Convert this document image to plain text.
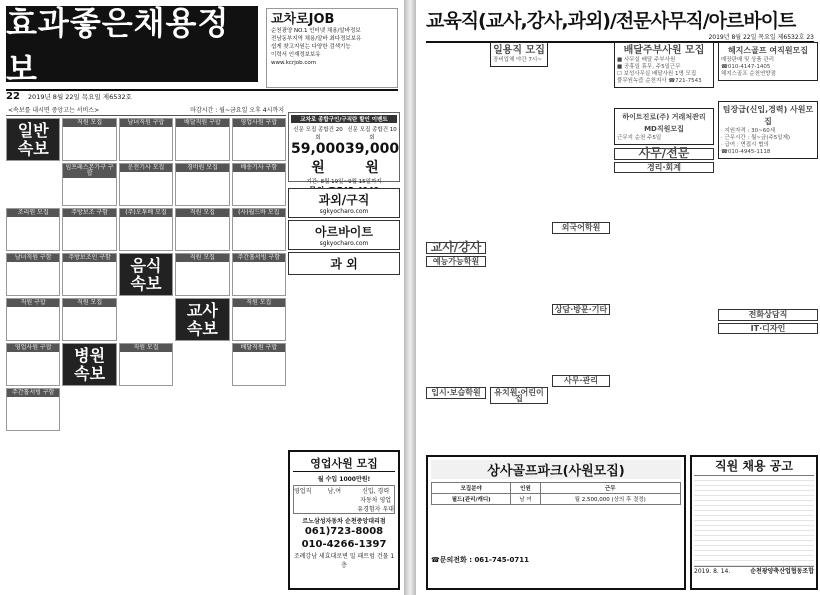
효과좋은채용정보
교차로JOB
순천광양 NO.1 인터넷 채용/알바정보
전남동부지역 채용/알바 최다정보보유
쉽게 찾고지원는 다양한 검색기능
이력서 인재정보보유
www.kcrjob.com
22 2019년 8월 22일 목요일 제6532호
<속보를 내시면 중앙고는 서비스>	마감시간 : 월~금요일 오후 4시까지
일반 속보
직원 모집	남녀직원 구합	배달직원 구합	영업사원 구합
임프레스몬가구 구합
운전기사 모집	경비원 모집	배송기사 구함
조리원 모집	주방보조 구함	(주)오투베 모집	직원 모집	(사)월드바 모집
남녀직원 구함	주방보조인 구함	음식 속보
직원 모집	주간홀서빙 구함
직원 구합	직원 모집	교사 속보
직원 모집
영업사원 구합	병원 속보
직원 모집	배달직원 구합
주간홀서빙 구함
교차로 종합구인/구직란 할인 이벤트
신문 모집 종합건 20회
59,000원
신문 모집 종합건 10회
39,000원
기간: 8월 19일~9월 15일까지
과외/구직
sgkyocharo.com
아르바이트
sgkyocharo.com
과 외
영업사원 모집
월 수입 1000만원!
영업직	남,여	신입, 경력
자동차 영업
유경험자 우대
르노삼성자동차 순천중앙대리점
061)723-8008
010-4266-1397
조례강남 세효대로변 밀 패트럼 건물 1층
교육직(교사,강사,과외)/전문사무직/아르바이트
2019년 8월 22일 목요일 제6532호 23
교사/강사
예능가능학원
입시·보습학원
일용직 모집
장비업체 야간 7시~
유치원·어린이집
외국어학원
상담·방문·기타
사무·관리
배달주부사원 모집
■ 사무실 배달 주부사원
■ 공휴일 휴무, 주5일근무
☐ 보성사무실 배달사원 1명 모집
풀무원녹즙 순천지사 ☎721-7543
하이트진로(주) 거래처관리 MD직원모집
근무지 순천 주5일
사무/전문
경리·회계
헤지스골프 여직원모집
매장판매 및 상품 관리
☎010-4147-1405
헤지스골프 순천연향점
팀장급(신입,경력) 사원모집
· 지원자격 : 30~60세
· 근무시간 : 월~금(주5일제)
· 급여 : 면접시 협의
☎010-4945-1118
전화상담직
IT·디자인
상사골프파크(사원모집)
모집분야	인원	근무
필드(관리/캐디)	남 여	월 2,500,000 (상의 후 결정)
☎문의전화 : 061-745-0711
직원 채용 공고
2019. 8. 14.	순천광양축산업협동조합
